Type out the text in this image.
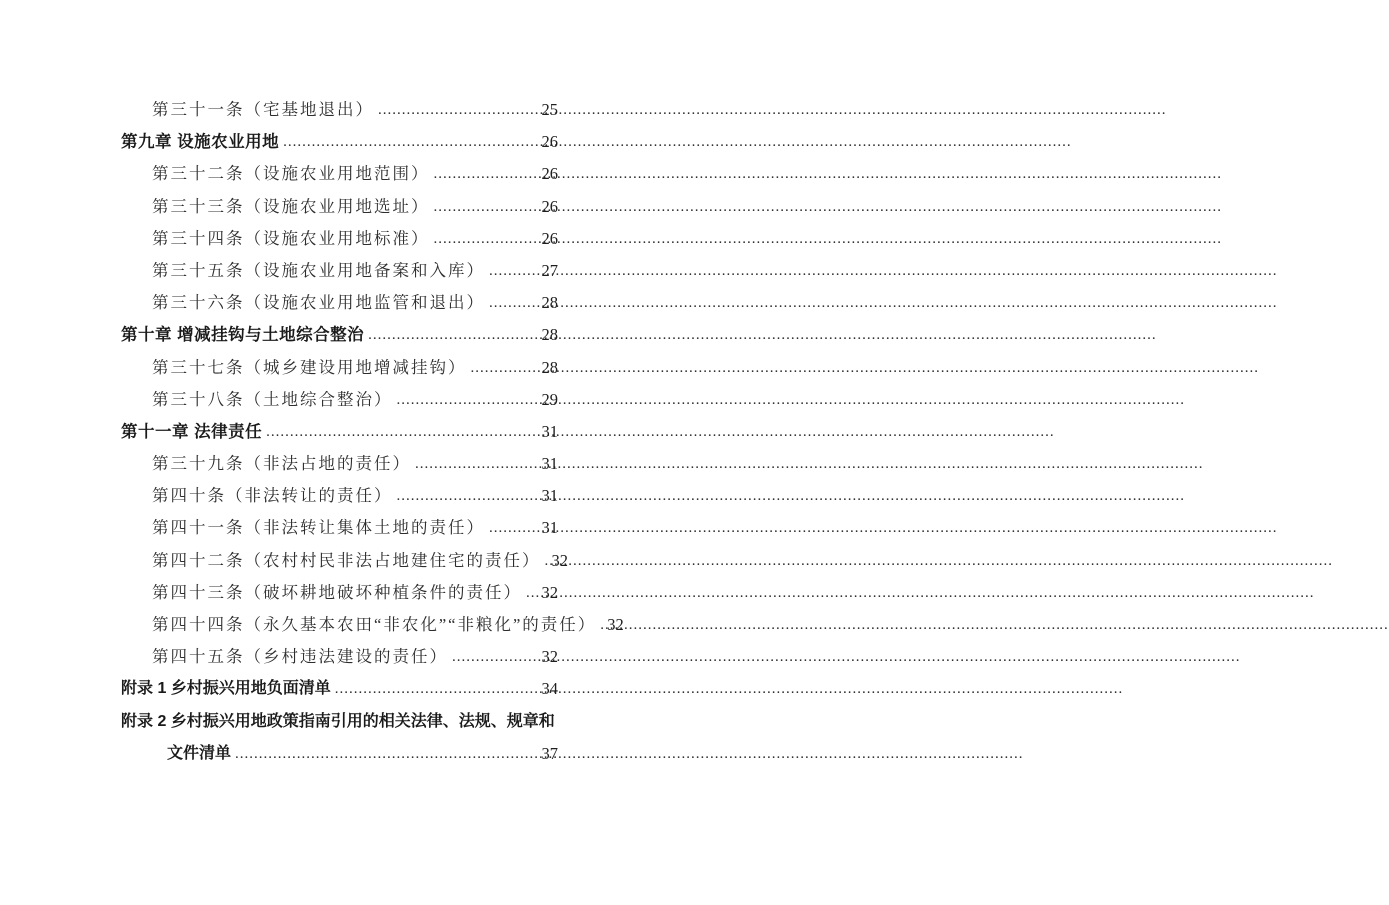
第三十一条（宅基地退出） .....	25
第九章 设施农业用地 .....	26
第三十二条（设施农业用地范围） .....	26
第三十三条（设施农业用地选址） .....	26
第三十四条（设施农业用地标准） .....	26
第三十五条（设施农业用地备案和入库） .....	27
第三十六条（设施农业用地监管和退出） .....	28
第十章 增减挂钩与土地综合整治 .....	28
第三十七条（城乡建设用地增减挂钩） .....	28
第三十八条（土地综合整治） .....	29
第十一章 法律责任 .....	31
第三十九条（非法占地的责任） .....	31
第四十条（非法转让的责任） .....	31
第四十一条（非法转让集体土地的责任） .....	31
第四十二条（农村村民非法占地建住宅的责任） ..... 32
第四十三条（破坏耕地破坏种植条件的责任） ..... 32
第四十四条（永久基本农田“非农化”“非粮化”的责任） ..... 32
第四十五条（乡村违法建设的责任） .....	32
附录 1 乡村振兴用地负面清单 .....	34
附录 2 乡村振兴用地政策指南引用的相关法律、法规、规章和
文件清单 .....	37
